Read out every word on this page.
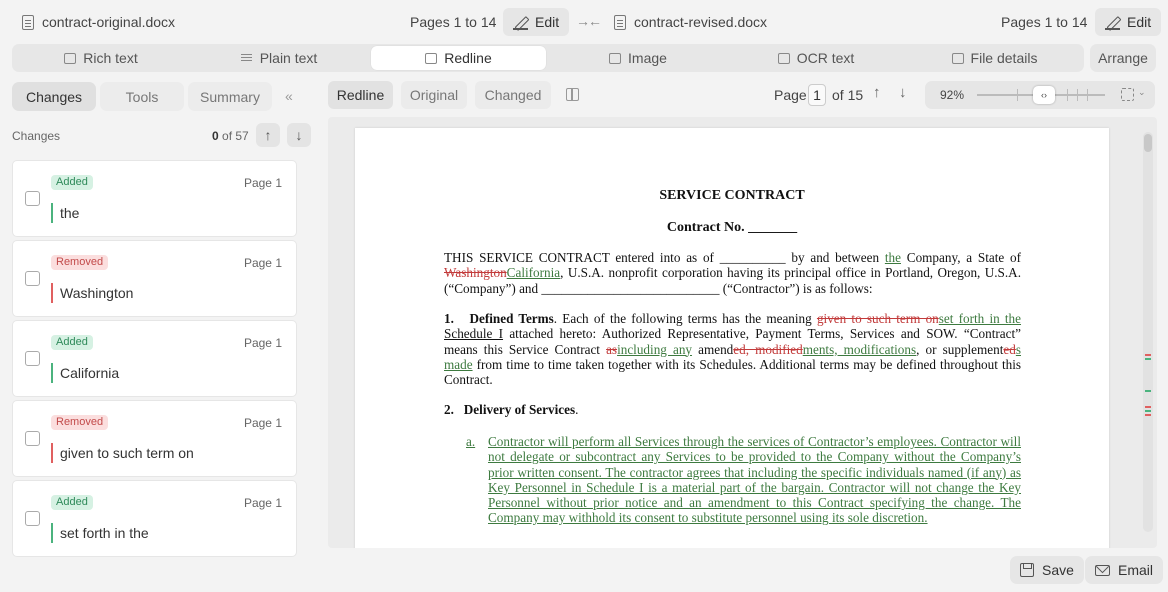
contract-original.docx	Pages 1 to 14	Edit →← contract-revised.docx	Pages 1 to 14	Edit
Rich text	Plain text	Redline	Image	OCR text	File details	Arrange
Changes	Tools	Summary	«
Changes	0 of 57	↑	↓
Added	Page 1
the
Removed	Page 1
Washington
Added	Page 1
California
Removed	Page 1
given to such term on
Added	Page 1
set forth in the
Redline	Original	Changed	Page 1 of 15 ↑ ↓	92%	‹›	⌄
SERVICE CONTRACT
Contract No. _______
THIS SERVICE CONTRACT entered into as of __________ by and between the Company, a State of WashingtonCalifornia, U.S.A. nonprofit corporation having its principal office in Portland, Oregon, U.S.A. (“Company”) and ___________________________ (“Contractor”) is as follows:
1. Defined Terms. Each of the following terms has the meaning given to such term onset forth in the Schedule I attached hereto: Authorized Representative, Payment Terms, Services and SOW. “Contract” means this Service Contract asincluding any amended, modifiedments, modifications, or supplementeds made from time to time taken together with its Schedules. Additional terms may be defined throughout this Contract.
2. Delivery of Services.
a. Contractor will perform all Services through the services of Contractor’s employees. Contractor will not delegate or subcontract any Services to be provided to the Company without the Company’s prior written consent. The contractor agrees that including the specific individuals named (if any) as Key Personnel in Schedule I is a material part of the bargain. Contractor will not change the Key Personnel without prior notice and an amendment to this Contract specifying the change. The Company may withhold its consent to substitute personnel using its sole discretion.
Save	Email
